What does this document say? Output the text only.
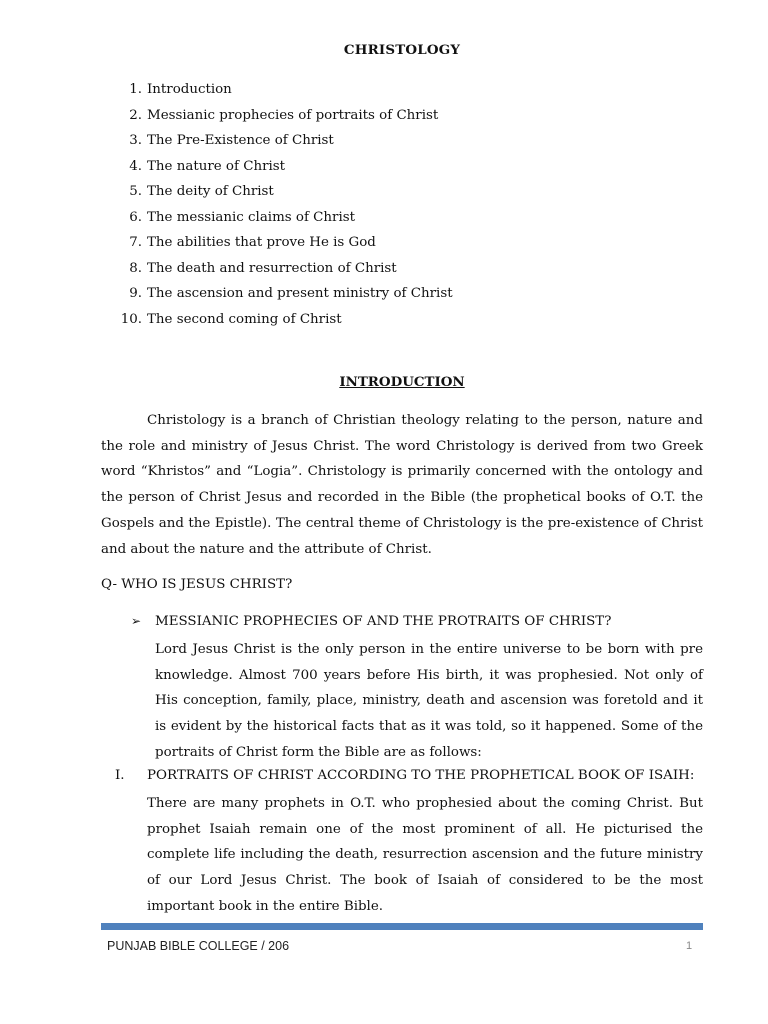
CHRISTOLOGY
1. Introduction
2. Messianic prophecies of portraits of Christ
3. The Pre-Existence of Christ
4. The nature of Christ
5. The deity of Christ
6. The messianic claims of Christ
7. The abilities that prove He is God
8. The death and resurrection of Christ
9. The ascension and present ministry of Christ
10. The second coming of Christ
INTRODUCTION

Christology is a branch of Christian theology relating to the person, nature and the role and ministry of Jesus Christ. The word Christology is derived from two Greek word “Khristos” and “Logia”. Christology is primarily concerned with the ontology and the person of Christ Jesus and recorded in the Bible (the prophetical books of O.T. the Gospels and the Epistle). The central theme of Christology is the pre-existence of Christ and about the nature and the attribute of Christ.

Q- WHO IS JESUS CHRIST?
➢ MESSIANIC PROPHECIES OF AND THE PROTRAITS OF CHRIST?

Lord Jesus Christ is the only person in the entire universe to be born with pre knowledge. Almost 700 years before His birth, it was prophesied. Not only of His conception, family, place, ministry, death and ascension was foretold and it is evident by the historical facts that as it was told, so it happened. Some of the portraits of Christ form the Bible are as follows:

I. PORTRAITS OF CHRIST ACCORDING TO THE PROPHETICAL BOOK OF ISAIH:

There are many prophets in O.T. who prophesied about the coming Christ. But prophet Isaiah remain one of the most prominent of all. He picturised the complete life including the death, resurrection ascension and the future ministry of our Lord Jesus Christ. The book of Isaiah of considered to be the most important book in the entire Bible.

PUNJAB BIBLE COLLEGE / 206	1
